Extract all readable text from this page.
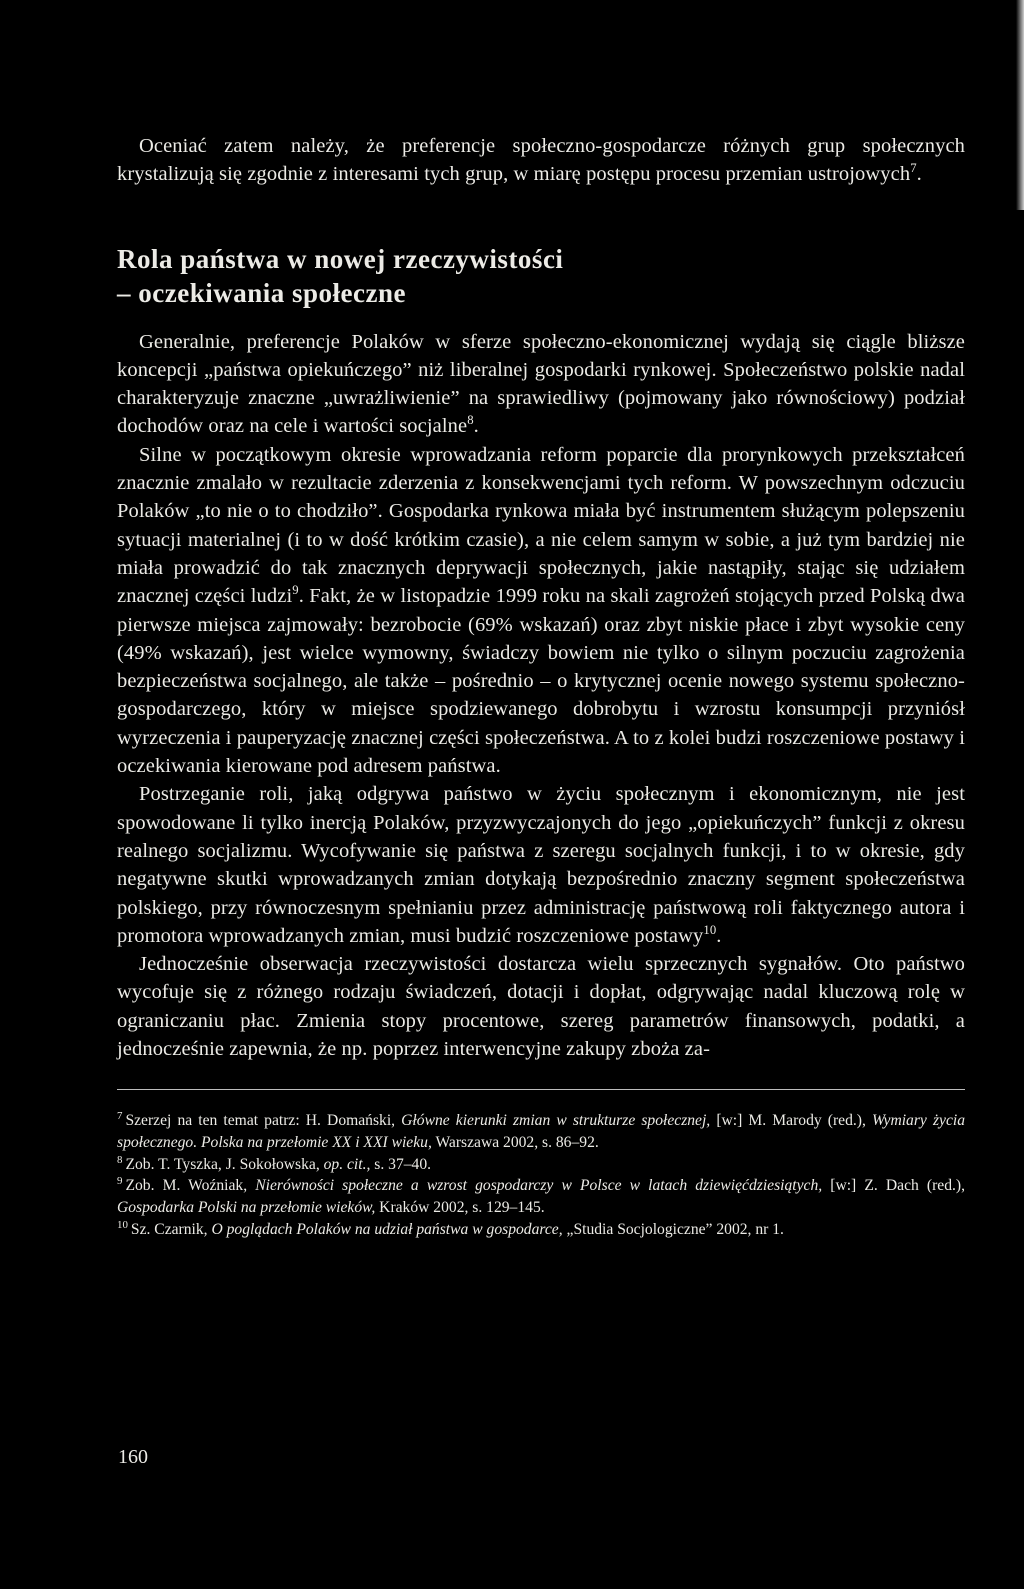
Oceniać zatem należy, że preferencje społeczno-gospodarcze różnych grup społecznych krystalizują się zgodnie z interesami tych grup, w miarę postępu procesu przemian ustrojowych$^7$.

Rola państwa w nowej rzeczywistości
– oczekiwania społeczne

Generalnie, preferencje Polaków w sferze społeczno-ekonomicznej wydają się ciągle bliższe koncepcji „państwa opiekuńczego” niż liberalnej gospodarki rynkowej. Społeczeństwo polskie nadal charakteryzuje znaczne „uwrażliwienie” na sprawiedliwy (pojmowany jako równościowy) podział dochodów oraz na cele i wartości socjalne$^8$.

Silne w początkowym okresie wprowadzania reform poparcie dla prorynkowych przekształceń znacznie zmalało w rezultacie zderzenia z konsekwencjami tych reform. W powszechnym odczuciu Polaków „to nie o to chodziło”. Gospodarka rynkowa miała być instrumentem służącym polepszeniu sytuacji materialnej (i to w dość krótkim czasie), a nie celem samym w sobie, a już tym bardziej nie miała prowadzić do tak znacznych deprywacji społecznych, jakie nastąpiły, stając się udziałem znacznej części ludzi$^9$. Fakt, że w listopadzie 1999 roku na skali zagrożeń stojących przed Polską dwa pierwsze miejsca zajmowały: bezrobocie (69% wskazań) oraz zbyt niskie płace i zbyt wysokie ceny (49% wskazań), jest wielce wymowny, świadczy bowiem nie tylko o silnym poczuciu zagrożenia bezpieczeństwa socjalnego, ale także – pośrednio – o krytycznej ocenie nowego systemu społeczno-gospodarczego, który w miejsce spodziewanego dobrobytu i wzrostu konsumpcji przyniósł wyrzeczenia i pauperyzację znacznej części społeczeństwa. A to z kolei budzi roszczeniowe postawy i oczekiwania kierowane pod adresem państwa.

Postrzeganie roli, jaką odgrywa państwo w życiu społecznym i ekonomicznym, nie jest spowodowane li tylko inercją Polaków, przyzwyczajonych do jego „opiekuńczych” funkcji z okresu realnego socjalizmu. Wycofywanie się państwa z szeregu socjalnych funkcji, i to w okresie, gdy negatywne skutki wprowadzanych zmian dotykają bezpośrednio znaczny segment społeczeństwa polskiego, przy równoczesnym spełnianiu przez administrację państwową roli faktycznego autora i promotora wprowadzanych zmian, musi budzić roszczeniowe postawy$^{10}$.

Jednocześnie obserwacja rzeczywistości dostarcza wielu sprzecznych sygnałów. Oto państwo wycofuje się z różnego rodzaju świadczeń, dotacji i dopłat, odgrywając nadal kluczową rolę w ograniczaniu płac. Zmienia stopy procentowe, szereg parametrów finansowych, podatki, a jednocześnie zapewnia, że np. poprzez interwencyjne zakupy zboża za-

$^7$ Szerzej na ten temat patrz: H. Domański, Główne kierunki zmian w strukturze społecznej, [w:] M. Marody (red.), Wymiary życia społecznego. Polska na przełomie XX i XXI wieku, Warszawa 2002, s. 86–92.

$^8$ Zob. T. Tyszka, J. Sokołowska, op. cit., s. 37–40.

$^9$ Zob. M. Woźniak, Nierówności społeczne a wzrost gospodarczy w Polsce w latach dziewięćdziesiątych, [w:] Z. Dach (red.), Gospodarka Polski na przełomie wieków, Kraków 2002, s. 129–145.

$^{10}$ Sz. Czarnik, O poglądach Polaków na udział państwa w gospodarce, „Studia Socjologiczne” 2002, nr 1.

160
